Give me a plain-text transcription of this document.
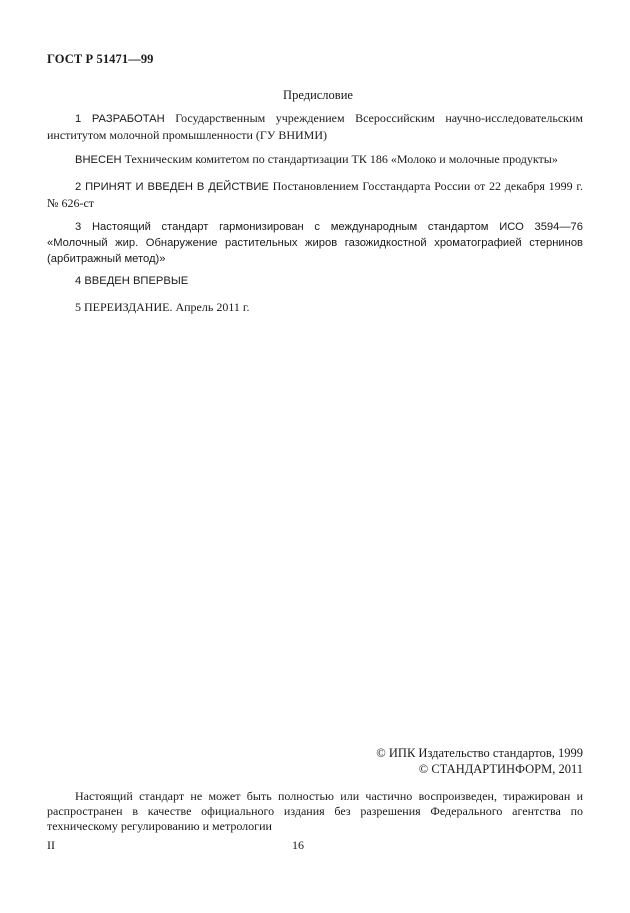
ГОСТ Р 51471—99
Предисловие
1 РАЗРАБОТАН Государственным учреждением Всероссийским научно-исследовательским институтом молочной промышленности (ГУ ВНИМИ)
ВНЕСЕН Техническим комитетом по стандартизации ТК 186 «Молоко и молочные продукты»
2 ПРИНЯТ И ВВЕДЕН В ДЕЙСТВИЕ Постановлением Госстандарта России от 22 декабря 1999 г. № 626-ст
3 Настоящий стандарт гармонизирован с международным стандартом ИСО 3594—76 «Молочный жир. Обнаружение растительных жиров газожидкостной хроматографией стернинов (арбитражный метод)»
4 ВВЕДЕН ВПЕРВЫЕ
5 ПЕРЕИЗДАНИЕ. Апрель 2011 г.
© ИПК Издательство стандартов, 1999
© СТАНДАРТИНФОРМ, 2011
Настоящий стандарт не может быть полностью или частично воспроизведен, тиражирован и распространен в качестве официального издания без разрешения Федерального агентства по техническому регулированию и метрологии
II	16
